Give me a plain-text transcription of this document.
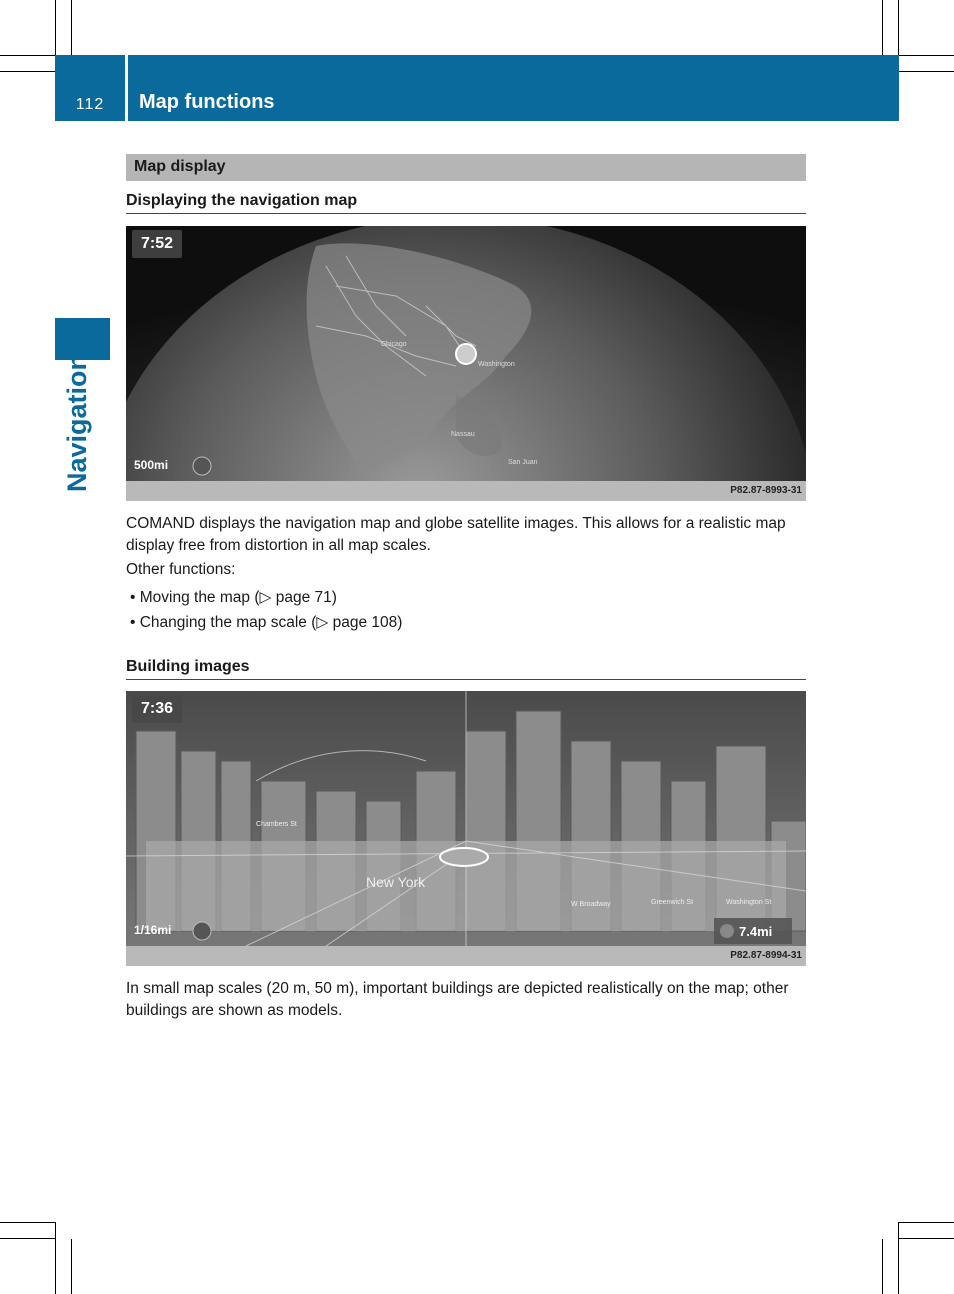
112	Map functions
Navigation
Map display
Displaying the navigation map
Washington
Chicago
Nassau
San Juan
7:52
500mi
P82.87-8993-31
COMAND displays the navigation map and globe satellite images. This allows for a realistic map display free from distortion in all map scales.
Other functions:
• Moving the map (▷ page 71)
• Changing the map scale (▷ page 108)
Building images
New York
Chambers St
Greenwich St	Washington St
W Broadway
7.4mi
7:36
1/16mi
P82.87-8994-31
In small map scales (20 m, 50 m), important buildings are depicted realistically on the map; other buildings are shown as models.
